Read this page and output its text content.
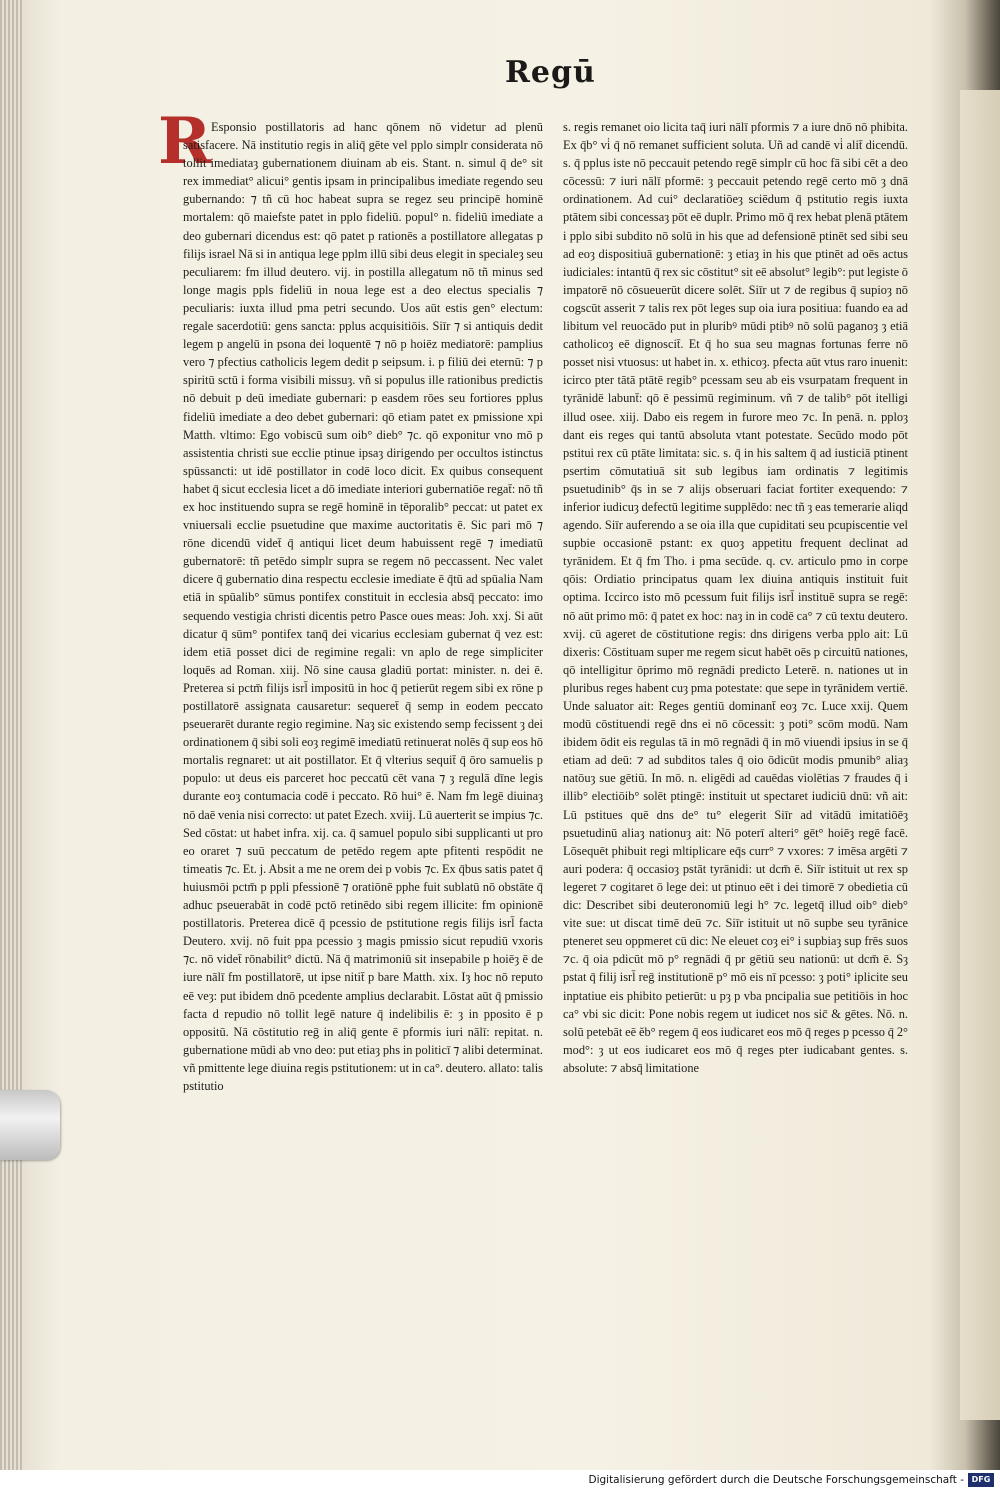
Regū
R Esponsio postillatoris ad hanc qōnem nō videtur ad plenū satisfacere. Nā institutio regis in aliq̄ gēte vel pplo simplr considerata nō tollit imediataȝ gubernationem diuinam ab eis. Stant. n. simul q̄ de° sit rex immediat° alicui° gentis ipsam in principalibus imediate regendo seu gubernando: ⁊ tñ cū hoc habeat supra se regez seu principē hominē mortalem: qō maiefste patet in pplo fideliū. popul° n. fideliū imediate a deo gubernari dicendus est: qō patet p rationēs a postillatore allegatas p filijs israel Nā si in antiqua lege pplm illū sibi deus elegit in specialeȝ seu peculiarem: fm illud deutero. vij. in postilla allegatum nō tñ minus sed longe magis ppls fideliū in noua lege est a deo electus specialis ⁊ peculiaris: iuxta illud pma petri secundo. Uos aūt estis gen° electum: regale sacerdotiū: gens sancta: pplus acquisitiōis. Siīr ⁊ si antiquis dedit legem p angelū in psona dei loquentē ⁊ nō p hoiēz mediatorē: pamplius vero ⁊ pfectius catholicis legem dedit p seipsum. i. p filiū dei eternū: ⁊ p spiritū sctū i forma visibili missuȝ. vñ si populus ille rationibus predictis nō debuit p deū imediate gubernari: p easdem rōes seu fortiores pplus fideliū imediate a deo debet gubernari: qō etiam patet ex pmissione xpi Matth. vltimo: Ego vobiscū sum oib° dieb° ⁊c. qō exponitur vno mō p assistentia christi sue ecclie ptinue ipsaȝ dirigendo per occultos istinctus spūssancti: ut idē postillator in codē loco dicit. Ex quibus consequent habet q̄ sicut ecclesia licet a dō imediate interiori gubernatiōe regat̄: nō tñ ex hoc instituendo supra se regē hominē in tēporalib° peccat: ut patet ex vniuersali ecclie psuetudine que maxime auctoritatis ē. Sic pari mō ⁊ rōne dicendū videt̄ q̄ antiqui licet deum habuissent regē ⁊ imediatū gubernatorē: tñ petēdo simplr supra se regem nō peccassent. Nec valet dicere q̄ gubernatio dina respectu ecclesie imediate ē q̄tū ad spūalia Nam etiā in spūalib° sūmus pontifex constituit in ecclesia absq̄ peccato: imo sequendo vestigia christi dicentis petro Pasce oues meas: Joh. xxj. Si aūt dicatur q̄ sūm° pontifex tanq̄ dei vicarius ecclesiam gubernat q̄ vez est: idem etiā posset dici de regimine regali: vn aplo de rege simpliciter loquēs ad Roman. xiij. Nō sine causa gladiū portat: minister. n. dei ē. Preterea si pctm̄ filijs isrl̄ impositū in hoc q̄ petierūt regem sibi ex rōne p postillatorē assignata causaretur: sequeret̄ q̄ semp in eodem peccato pseuerarēt durante regio regimine. Naȝ sic existendo semp fecissent ȝ dei ordinationem q̄ sibi soli eoȝ regimē imediatū retinuerat nolēs q̄ sup eos hō mortalis regnaret: ut ait postillator. Et q̄ vlterius sequit̄ q̄ ōro samuelis p populo: ut deus eis parceret hoc peccatū cēt vana ⁊ ȝ regulā dīne legis durante eoȝ contumacia codē i peccato. Rō hui° ē. Nam fm legē diuinaȝ nō daē venia nisi correcto: ut patet Ezech. xviij. Lū auerterit se impius ⁊c. Sed cōstat: ut habet infra. xij. ca. q̄ samuel populo sibi supplicanti ut pro eo oraret ⁊ suū peccatum de petēdo regem apte pfitenti respōdit ne timeatis ⁊c. Et. j. Absit a me ne orem dei p vobis ⁊c. Ex q̄bus satis patet q̄ huiusmōi pctm̄ p ppli pfessionē ⁊ oratiōnē pphe fuit sublatū nō obstāte q̄ adhuc pseuerabāt in codē pctō retinēdo sibi regem illicite: fm opinionē postillatoris. Preterea dicē q̄ pcessio de pstitutione regis filijs isrl̄ facta Deutero. xvij. nō fuit ppa pcessio ȝ magis pmissio sicut repudiū vxoris ⁊c. nō videt̄ rōnabilit° dictū. Nā q̄ matrimoniū sit insepabile p hoiēȝ ē de iure nālī fm postillatorē, ut ipse nitit̄ p bare Matth. xix. Iȝ hoc nō reputo eē veȝ: put ibidem dnō pcedente amplius declarabit. Lōstat aūt q̄ pmissio facta d repudio nō tollit legē nature q̄ indelibilis ē: ȝ in pposito ē p oppositū. Nā cōstitutio reḡ in aliq̄ gente ē pformis iuri nālī: repitat. n. gubernatione mūdi ab vno deo: put etiaȝ phs in politicī ⁊ alibi determinat. vñ pmittente lege diuina regis pstitutionem: ut in ca°. deutero. allato: talis pstitutio
s. regis remanet oio licita taq̄ iuri nālī pformis ⁊ a iure dnō nō phibita. Ex q̄b° vi̇ q̄ nō remanet sufficient soluta. Uñ ad candē vi̇ alit̄ dicendū. s. q̄ pplus iste nō peccauit petendo regē simplr cū hoc fā sibi cēt a deo cōcessū: ⁊ iuri nālī pformē: ȝ peccauit petendo regē certo mō ȝ dnā ordinationem. Ad cui° declaratiōeȝ sciēdum q̄ pstitutio regis iuxta ptātem sibi concessaȝ pōt eē duplr. Primo mō q̄ rex hebat plenā ptātem i pplo sibi subdito nō solū in his que ad defensionē ptinēt sed sibi seu ad eoȝ dispositiuā gubernationē: ȝ etiaȝ in his que ptinēt ad oēs actus iudiciales: intantū q̄ rex sic cōstitut° sit eē absolut° legib°: put legiste ō impatorē nō cōsueuerūt dicere solēt. Siīr ut ⁊ de regibus q̄ supioȝ nō cogscūt asserit ⁊ talis rex pōt leges sup oia iura positiua: fuando ea ad libitum vel reuocādo put in pluribꝰ mūdi ptibꝰ nō solū paganoȝ ȝ etiā catholicoȝ eē dignoscit̄. Et q̄ ho sua seu magnas fortunas ferre nō posset nisi vtuosus: ut habet in. x. ethicoȝ. pfecta aūt vtus raro inuenit: icirco pter tātā ptātē regib° pcessam seu ab eis vsurpatam frequent in tyrānidē labunt̄: qō ē pessimū regiminum. vñ ⁊ de talib° pōt itelligi illud osee. xiij. Dabo eis regem in furore meo ⁊c. In penā. n. pploȝ dant eis reges qui tantū absoluta vtant potestate. Secūdo modo pōt pstitui rex cū ptāte limitata: sic. s. q̄ in his saltem q̄ ad iusticiā ptinent psertim cōmutatiuā sit sub legibus iam ordinatis ⁊ legitimis psuetudinib° q̄s in se ⁊ alijs obseruari faciat fortiter exequendo: ⁊ inferior iudicuȝ defectū legitime supplēdo: nec tñ ȝ eas temerarie aliqd agendo. Siīr auferendo a se oia illa que cupiditati seu pcupiscentie vel supbie occasionē pstant: ex quoȝ appetitu frequent declinat ad tyrānidem. Et q̄ fm Tho. i pma secūde. q. cv. articulo pmo in corpe qōis: Ordiatio principatus quam lex diuina antiquis instituit fuit optima. Iccirco isto mō pcessum fuit filijs isrl̄ instituē supra se regē: nō aūt primo mō: q̄ patet ex hoc: naȝ in in codē ca° ⁊ cū textu deutero. xvij. cū ageret de cōstitutione regis: dns dirigens verba pplo ait: Lū dixeris: Cōstituam super me regem sicut habēt oēs p circuitū nationes, qō intelligitur ōprimo mō regnādi predicto Leterē. n. nationes ut in pluribus reges habent cuȝ pma potestate: que sepe in tyrānidem vertiē. Unde saluator ait: Reges gentiū dominant̄ eoȝ ⁊c. Luce xxij. Quem modū cōstituendi regē dns ei nō cōcessit: ȝ poti° scōm modū. Nam ibidem ōdit eis regulas tā in mō regnādi q̄ in mō viuendi ipsius in se q̄ etiam ad deū: ⁊ ad subditos tales q̄ oio ōdicūt modis pmunib° aliaȝ natōuȝ sue gētiū. In mō. n. eligēdi ad cauēdas violētias ⁊ fraudes q̄ i illib° electiōib° solēt ptingē: instituit ut spectaret iudiciū dnū: vñ ait: Lū pstitues quē dns de° tu° elegerit Siīr ad vitādū imitatiōēȝ psuetudinū aliaȝ nationuȝ ait: Nō poterī alteri° gēt° hoiēȝ regē facē. Lōsequēt phibuit regi mltiplicare eq̄s curr° ⁊ vxores: ⁊ imēsa argēti ⁊ auri podera: q̄ occasioȝ pstāt tyrānidi: ut dcm̄ ē. Siīr istituit ut rex sp legeret ⁊ cogitaret ō lege dei: ut ptinuo eēt i dei timorē ⁊ obedietia cū dic: Describet sibi deuteronomiū legi h° ⁊c. legetq̄ illud oib° dieb° vite sue: ut discat timē deū ⁊c. Siīr istituit ut nō supbe seu tyrānice pteneret seu oppmeret cū dic: Ne eleuet coȝ ei° i supbiaȝ sup frēs suos ⁊c. q̄ oia pdicūt mō p° regnādi q̄ pr gētiū seu nationū: ut dcm̄ ē. Sȝ pstat q̄ filij isrl̄ reḡ institutionē p° mō eis nī pcesso: ȝ poti° iplicite seu inptatiue eis phibito petierūt: u pȝ p vba pncipalia sue petitiōis in hoc ca° vbi sic dicit: Pone nobis regem ut iudicet nos sic̄ & gētes. Nō. n. solū petebāt eē ĕb° regem q̄ eos iudicaret eos mō q̄ reges p pcesso q̄ 2° mod°: ȝ ut eos iudicaret eos mō q̄ reges pter iudicabant gentes. s. absolute: ⁊ absq̄ limitatione
Digitalisierung gefördert durch die Deutsche Forschungsgemeinschaft - DFG
